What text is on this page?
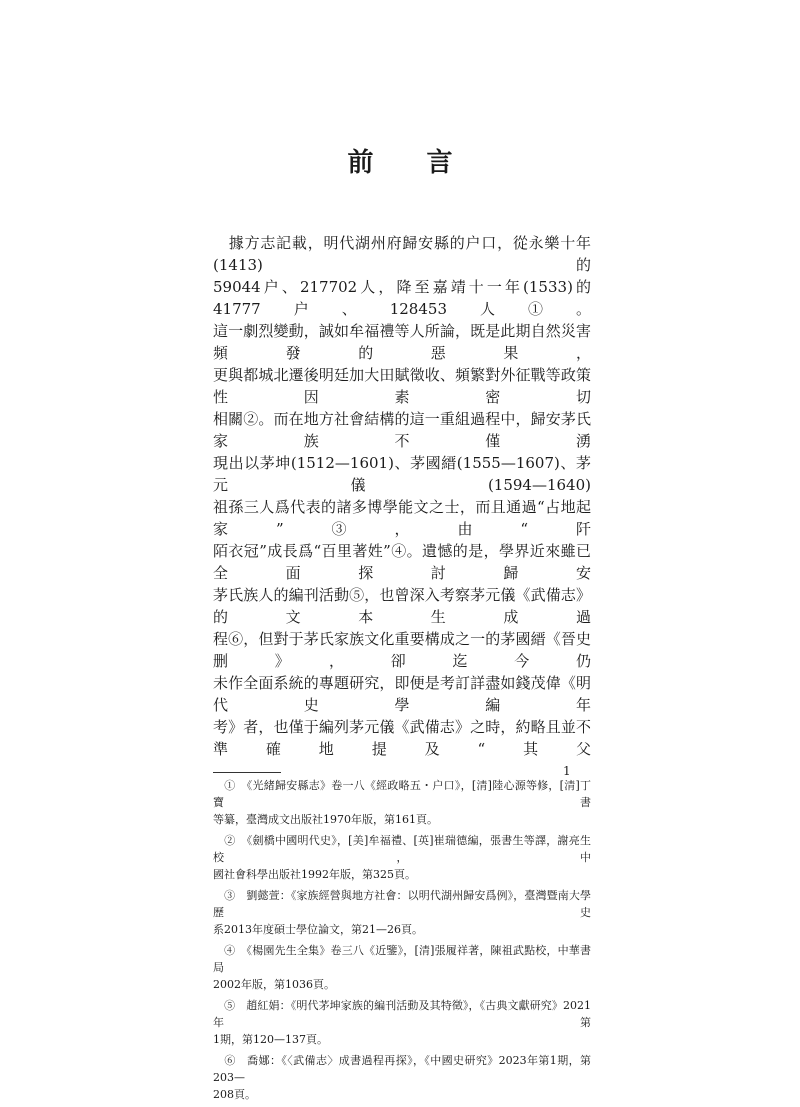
前 言
　據方志記載，明代湖州府歸安縣的户口，從永樂十年(1413)的
59044户、217702人，降至嘉靖十一年(1533)的41777户、128453人①。
這一劇烈變動，誠如牟福禮等人所論，既是此期自然災害頻發的惡果，
更與都城北遷後明廷加大田賦徵收、頻繁對外征戰等政策性因素密切
相關②。而在地方社會結構的這一重組過程中，歸安茅氏家族不僅湧
現出以茅坤(1512—1601)、茅國縉(1555—1607)、茅元儀(1594—1640)
祖孫三人爲代表的諸多博學能文之士，而且通過“占地起家”③，由“阡
陌衣冠”成長爲“百里著姓”④。遺憾的是，學界近來雖已全面探討歸安
茅氏族人的編刊活動⑤，也曾深入考察茅元儀《武備志》的文本生成過
程⑥，但對于茅氏家族文化重要構成之一的茅國縉《晉史删》，卻迄今仍
未作全面系統的專題研究，即便是考訂詳盡如錢茂偉《明代史學編年
考》者，也僅于編列茅元儀《武備志》之時，約略且並不準確地提及“其父
　①　《光緒歸安縣志》卷一八《經政略五・户口》，[清]陸心源等修，[清]丁寶書
等纂，臺灣成文出版社1970年版，第161頁。
　②　《劍橋中國明代史》，[美]牟福禮、[英]崔瑞德編，張書生等譯，謝亮生校，中
國社會科學出版社1992年版，第325頁。
　③　劉懿萱：《家族經營與地方社會：以明代湖州歸安爲例》，臺灣暨南大學歷史
系2013年度碩士學位論文，第21—26頁。
　④　《楊園先生全集》卷三八《近鑒》，[清]張履祥著，陳祖武點校，中華書局
2002年版，第1036頁。
　⑤　趙紅娟：《明代茅坤家族的編刊活動及其特徵》，《古典文獻研究》2021年第
1期，第120—137頁。
　⑥　喬娜：《〈武備志〉成書過程再探》，《中國史研究》2023年第1期，第203—
208頁。
1
